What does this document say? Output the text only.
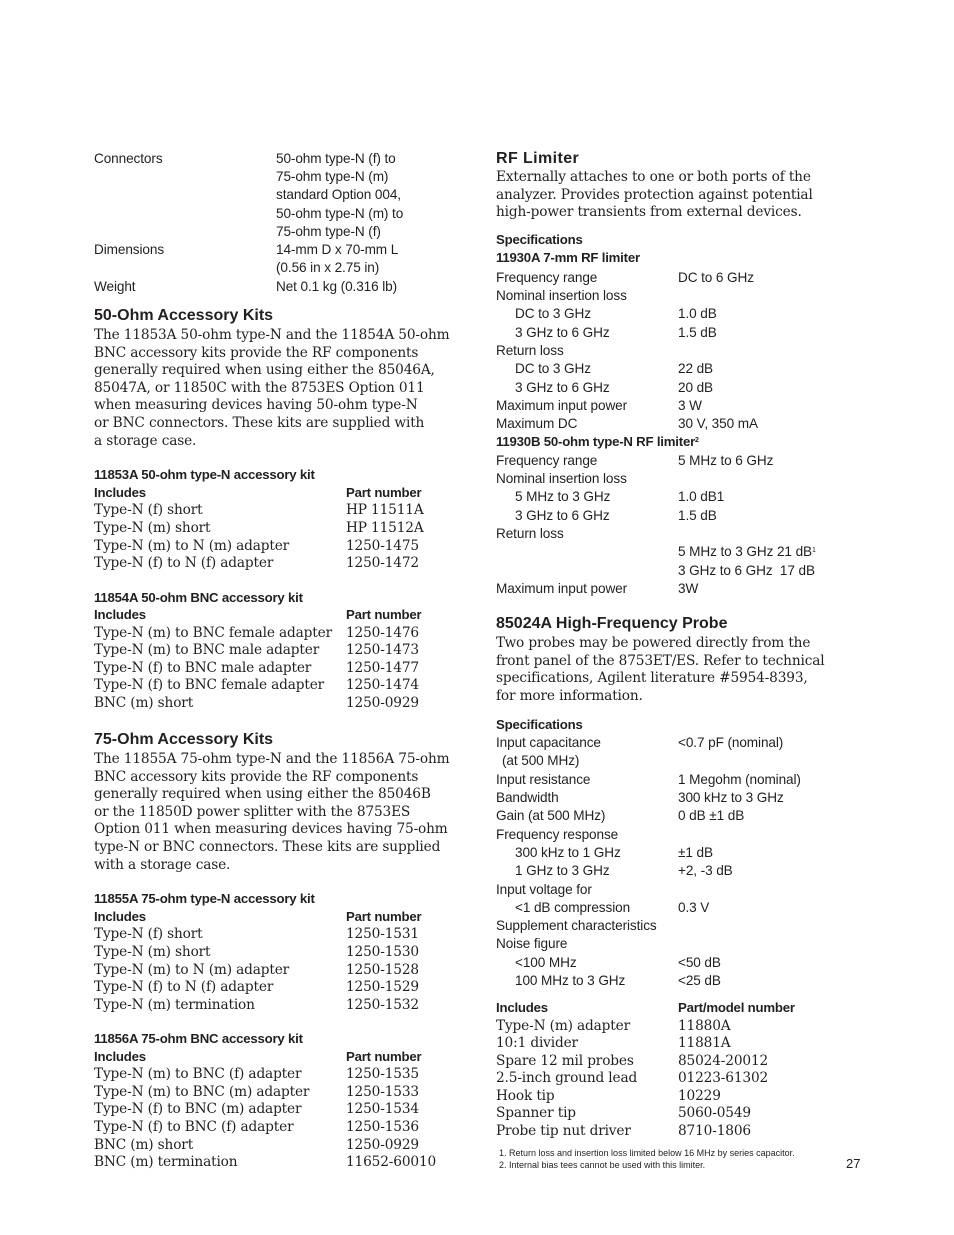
Connectors	50-ohm type-N (f) to
75-ohm type-N (m)
standard Option 004,
50-ohm type-N (m) to
75-ohm type-N (f)
Dimensions	14-mm D x 70-mm L
(0.56 in x 2.75 in)
Weight	Net 0.1 kg (0.316 lb)
50-Ohm Accessory Kits
The 11853A 50-ohm type-N and the 11854A 50-ohm
BNC accessory kits provide the RF components
generally required when using either the 85046A,
85047A, or 11850C with the 8753ES Option 011
when measuring devices having 50-ohm type-N
or BNC connectors. These kits are supplied with
a storage case.
11853A 50-ohm type-N accessory kit
Includes	Part number
Type-N (f) short	HP 11511A
Type-N (m) short	HP 11512A
Type-N (m) to N (m) adapter	1250-1475
Type-N (f) to N (f) adapter	1250-1472
11854A 50-ohm BNC accessory kit
Includes	Part number
Type-N (m) to BNC female adapter 1250-1476
Type-N (m) to BNC male adapter 1250-1473
Type-N (f) to BNC male adapter	1250-1477
Type-N (f) to BNC female adapter 1250-1474
BNC (m) short	1250-0929
75-Ohm Accessory Kits
The 11855A 75-ohm type-N and the 11856A 75-ohm
BNC accessory kits provide the RF components
generally required when using either the 85046B
or the 11850D power splitter with the 8753ES
Option 011 when measuring devices having 75-ohm
type-N or BNC connectors. These kits are supplied
with a storage case.
11855A 75-ohm type-N accessory kit
Includes	Part number
Type-N (f) short	1250-1531
Type-N (m) short	1250-1530
Type-N (m) to N (m) adapter	1250-1528
Type-N (f) to N (f) adapter	1250-1529
Type-N (m) termination	1250-1532
11856A 75-ohm BNC accessory kit
Includes	Part number
Type-N (m) to BNC (f) adapter	1250-1535
Type-N (m) to BNC (m) adapter	1250-1533
Type-N (f) to BNC (m) adapter	1250-1534
Type-N (f) to BNC (f) adapter	1250-1536
BNC (m) short	1250-0929
BNC (m) termination	11652-60010
RF Limiter
Externally attaches to one or both ports of the
analyzer. Provides protection against potential
high-power transients from external devices.
Specifications
11930A 7-mm RF limiter
Frequency range	DC to 6 GHz
Nominal insertion loss
DC to 3 GHz	1.0 dB
3 GHz to 6 GHz	1.5 dB
Return loss
DC to 3 GHz	22 dB
3 GHz to 6 GHz	20 dB
Maximum input power	3 W
Maximum DC	30 V, 350 mA
11930B 50-ohm type-N RF limiter$^2$
Frequency range	5 MHz to 6 GHz
Nominal insertion loss
5 MHz to 3 GHz	1.0 dB1
3 GHz to 6 GHz	1.5 dB
Return loss
5 MHz to 3 GHz 21 $dB^1$
3 GHz to 6 GHz  17 dB
Maximum input power	3W
85024A High-Frequency Probe
Two probes may be powered directly from the
front panel of the 8753ET/ES. Refer to technical
specifications, Agilent literature #5954-8393,
for more information.
Specifications
Input capacitance	<0.7 pF (nominal)
(at 500 MHz)
Input resistance	1 Megohm (nominal)
Bandwidth	300 kHz to 3 GHz
Gain (at 500 MHz)	0 dB ±1 dB
Frequency response
300 kHz to 1 GHz	±1 dB
1 GHz to 3 GHz	+2, -3 dB
Input voltage for
<1 dB compression	0.3 V
Supplement characteristics
Noise figure
<100 MHz	<50 dB
100 MHz to 3 GHz	<25 dB
Includes	Part/model number
Type-N (m) adapter	11880A
10:1 divider	11881A
Spare 12 mil probes	85024-20012
2.5-inch ground lead	01223-61302
Hook tip	10229
Spanner tip	5060-0549
Probe tip nut driver	8710-1806
1. Return loss and insertion loss limited below 16 MHz by series capacitor.
2. Internal bias tees cannot be used with this limiter.	27
